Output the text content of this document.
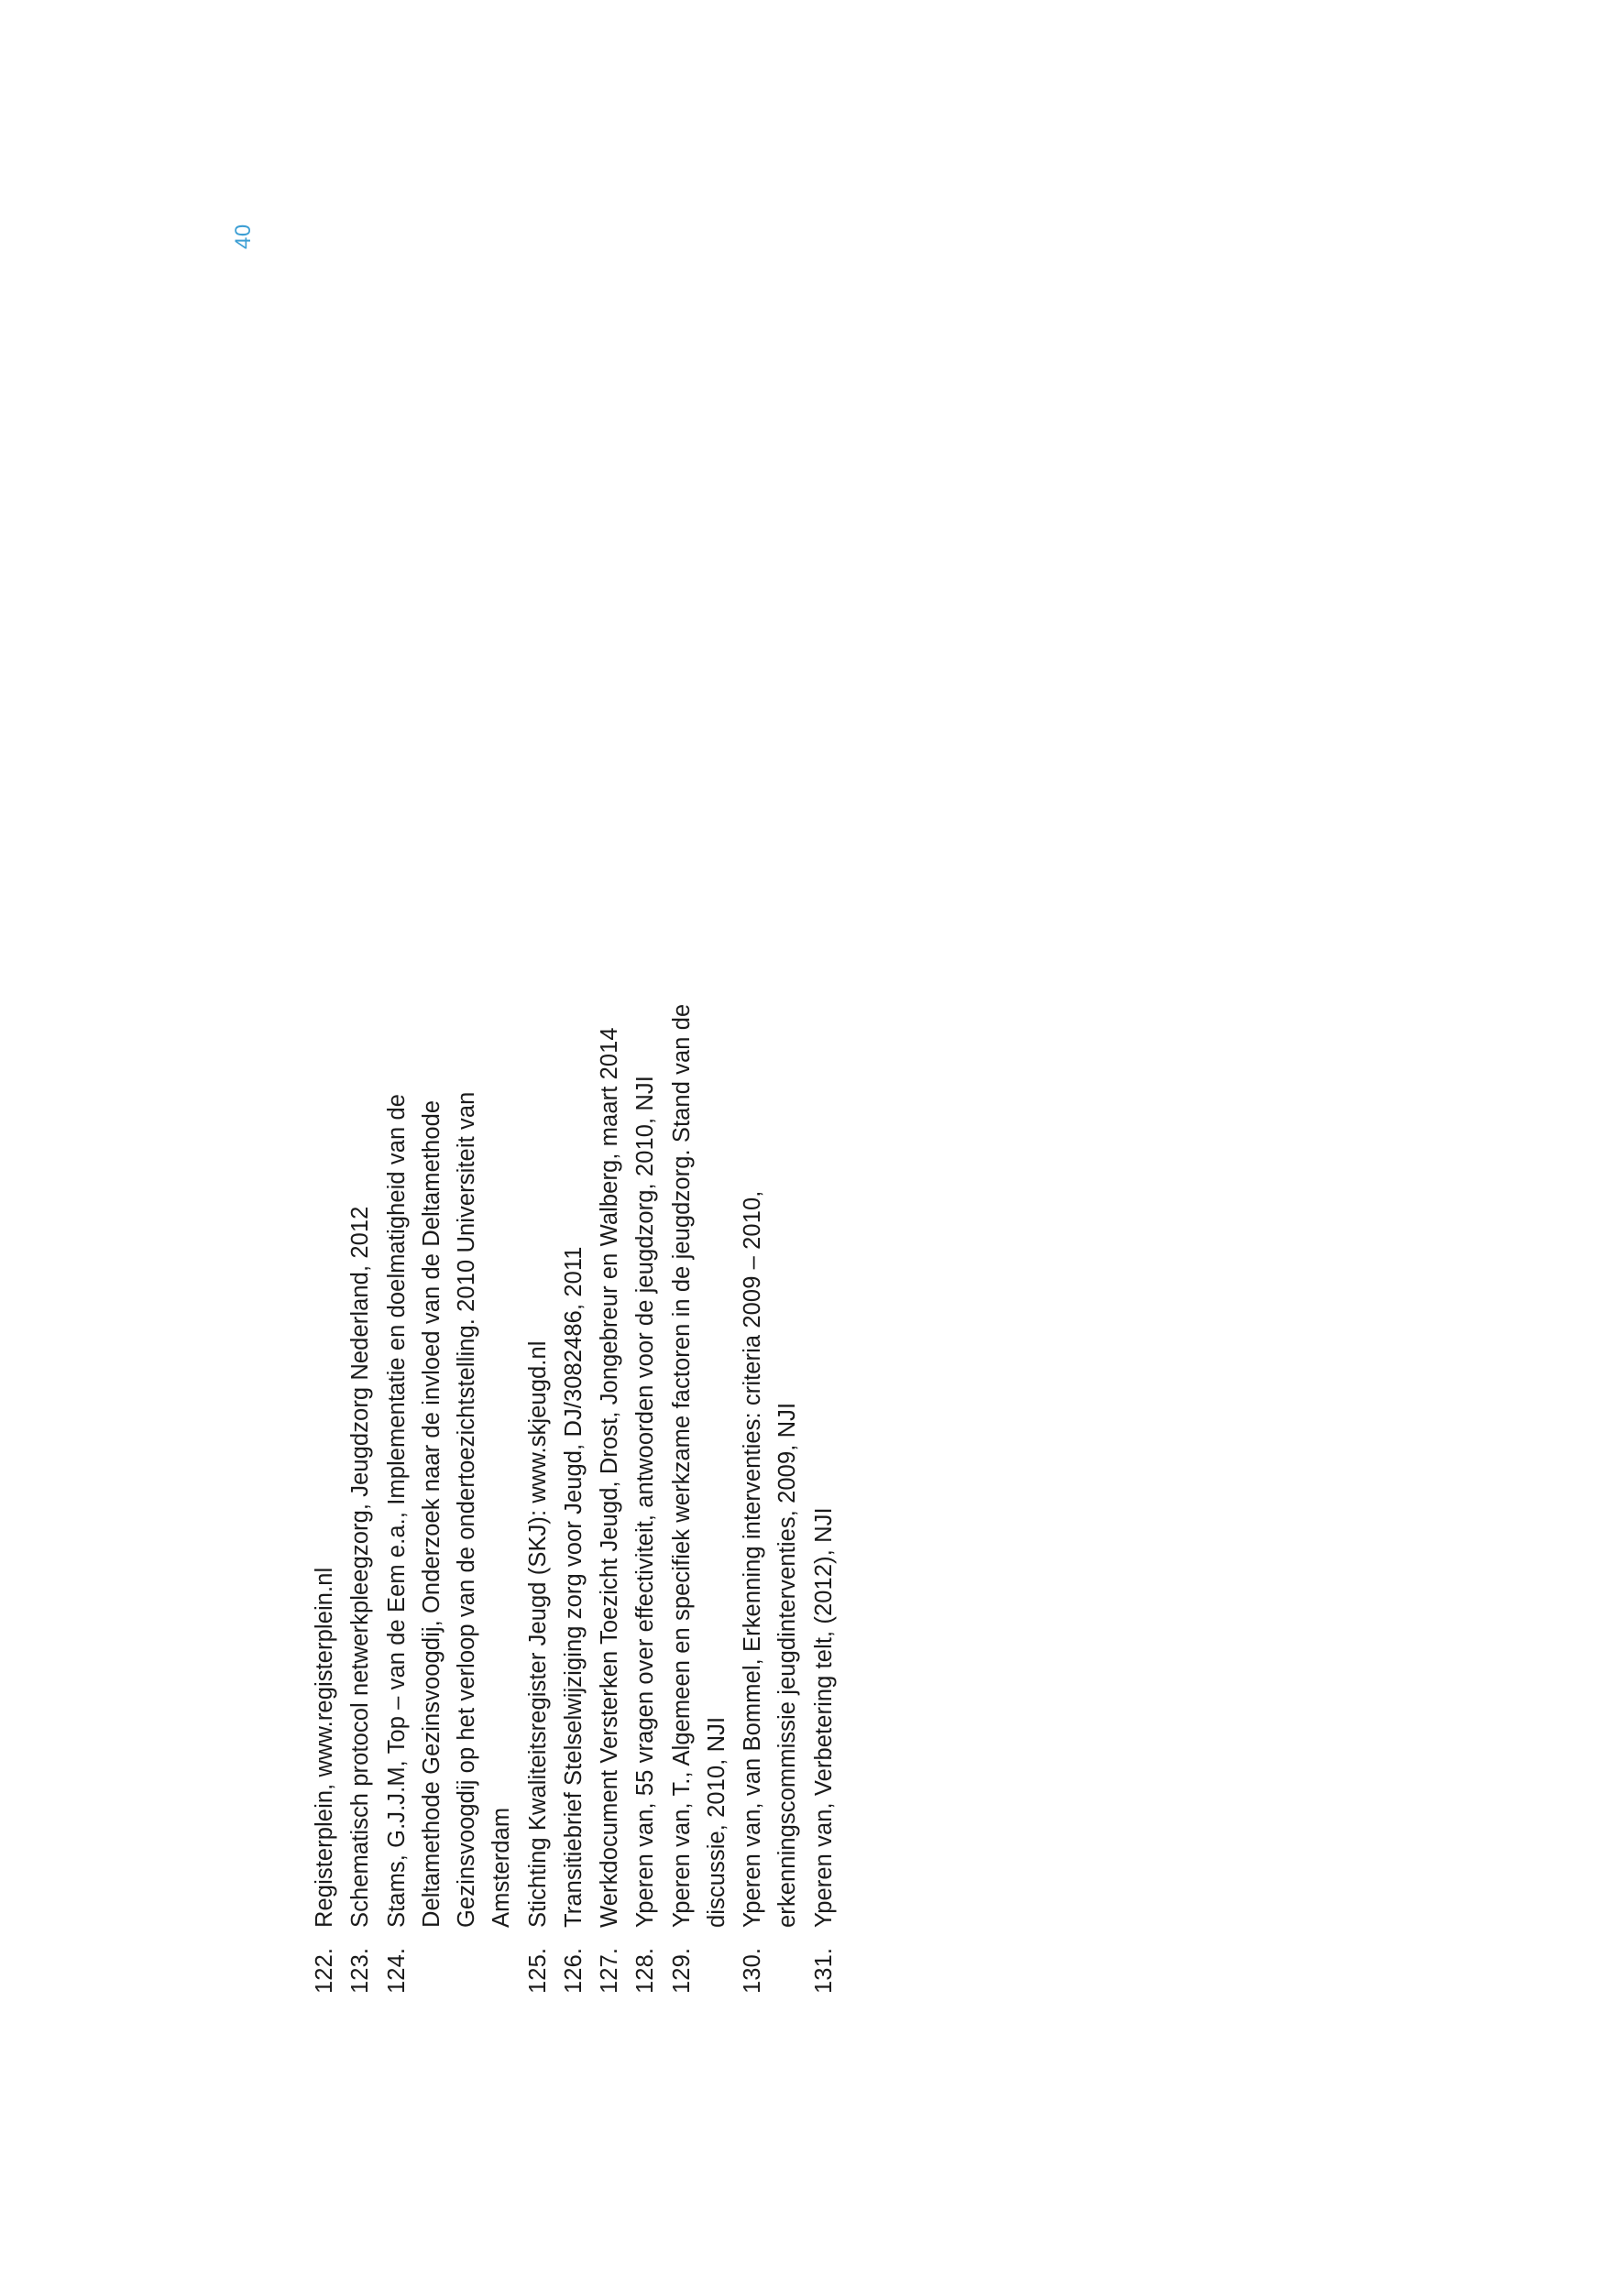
122.
Registerplein, www.registerplein.nl
123.
Schematisch protocol netwerkpleegzorg, Jeugdzorg Nederland, 2012
124.
Stams, G.J.J.M, Top – van de Eem e.a., Implementatie en doelmatigheid van de Deltamethode Gezinsvoogdij, Onderzoek naar de invloed van de Deltamethode Gezinsvoogdij op het verloop van de ondertoezichtstelling. 2010 Universiteit van Amsterdam
125.
Stichting Kwaliteitsregister Jeugd (SKJ): www.skjeugd.nl
126.
Transitiebrief Stelselwijziging zorg voor Jeugd, DJ/3082486, 2011
127.
Werkdocument Versterken Toezicht Jeugd, Drost, Jongebreur en Walberg, maart 2014
128.
Yperen van, 55 vragen over effectiviteit, antwoorden voor de jeugdzorg, 2010, NJI
129.
Yperen van, T., Algemeen en specifiek werkzame factoren in de jeugdzorg. Stand van de discussie, 2010, NJI
130.
Yperen van, van Bommel, Erkenning interventies: criteria 2009 – 2010, erkenningscommissie jeugdinterventies, 2009, NJI
131.
Yperen van, Verbetering telt, (2012), NJI
40
